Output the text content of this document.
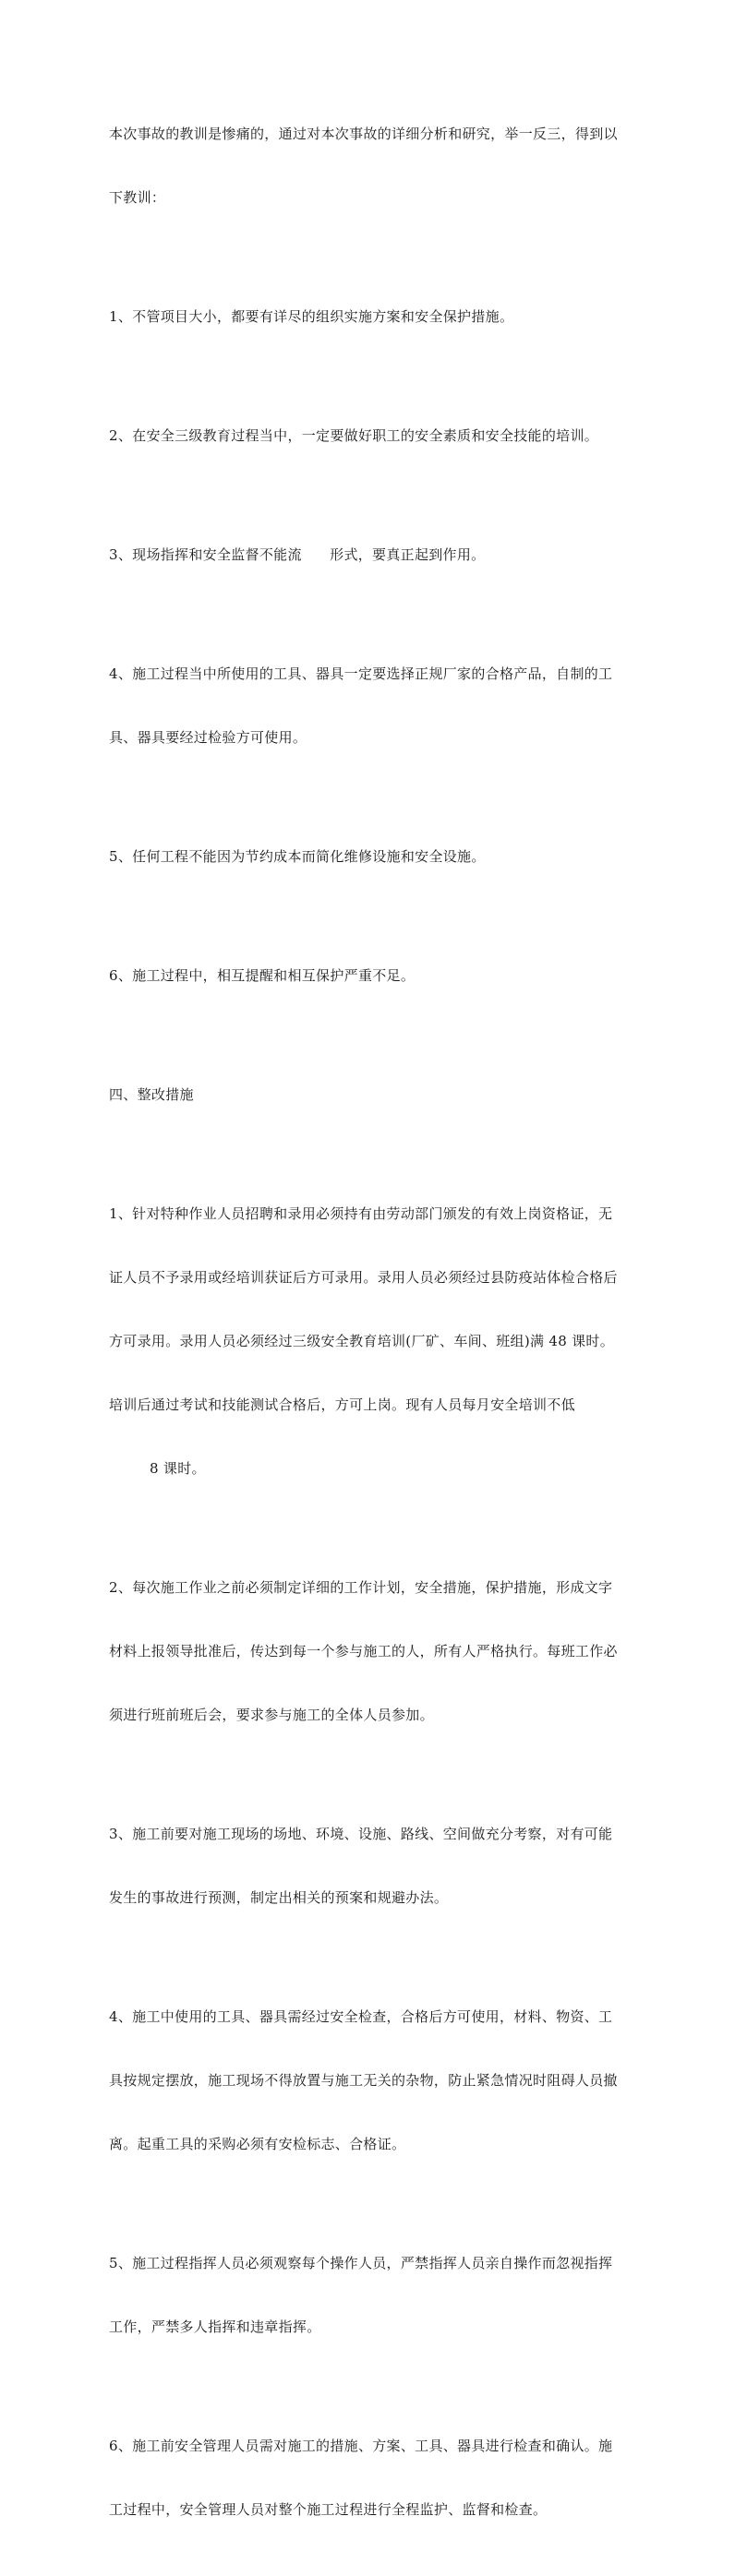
本次事故的教训是惨痛的，通过对本次事故的详细分析和研究，举一反三，得到以

下教训：

1、不管项目大小，都要有详尽的组织实施方案和安全保护措施。

2、在安全三级教育过程当中，一定要做好职工的安全素质和安全技能的培训。

3、现场指挥和安全监督不能流      形式，要真正起到作用。

4、施工过程当中所使用的工具、器具一定要选择正规厂家的合格产品，自制的工

具、器具要经过检验方可使用。

5、任何工程不能因为节约成本而简化维修设施和安全设施。

6、施工过程中，相互提醒和相互保护严重不足。

四、整改措施

1、针对特种作业人员招聘和录用必须持有由劳动部门颁发的有效上岗资格证，无

证人员不予录用或经培训获证后方可录用。录用人员必须经过县防疫站体检合格后

方可录用。录用人员必须经过三级安全教育培训(厂矿、车间、班组)满 48 课时。

培训后通过考试和技能测试合格后，方可上岗。现有人员每月安全培训不低

8 课时。

2、每次施工作业之前必须制定详细的工作计划，安全措施，保护措施，形成文字

材料上报领导批准后，传达到每一个参与施工的人，所有人严格执行。每班工作必

须进行班前班后会，要求参与施工的全体人员参加。

3、施工前要对施工现场的场地、环境、设施、路线、空间做充分考察，对有可能

发生的事故进行预测，制定出相关的预案和规避办法。

4、施工中使用的工具、器具需经过安全检查，合格后方可使用，材料、物资、工

具按规定摆放，施工现场不得放置与施工无关的杂物，防止紧急情况时阻碍人员撤

离。起重工具的采购必须有安检标志、合格证。

5、施工过程指挥人员必须观察每个操作人员，严禁指挥人员亲自操作而忽视指挥

工作，严禁多人指挥和违章指挥。

6、施工前安全管理人员需对施工的措施、方案、工具、器具进行检查和确认。施

工过程中，安全管理人员对整个施工过程进行全程监护、监督和检查。
